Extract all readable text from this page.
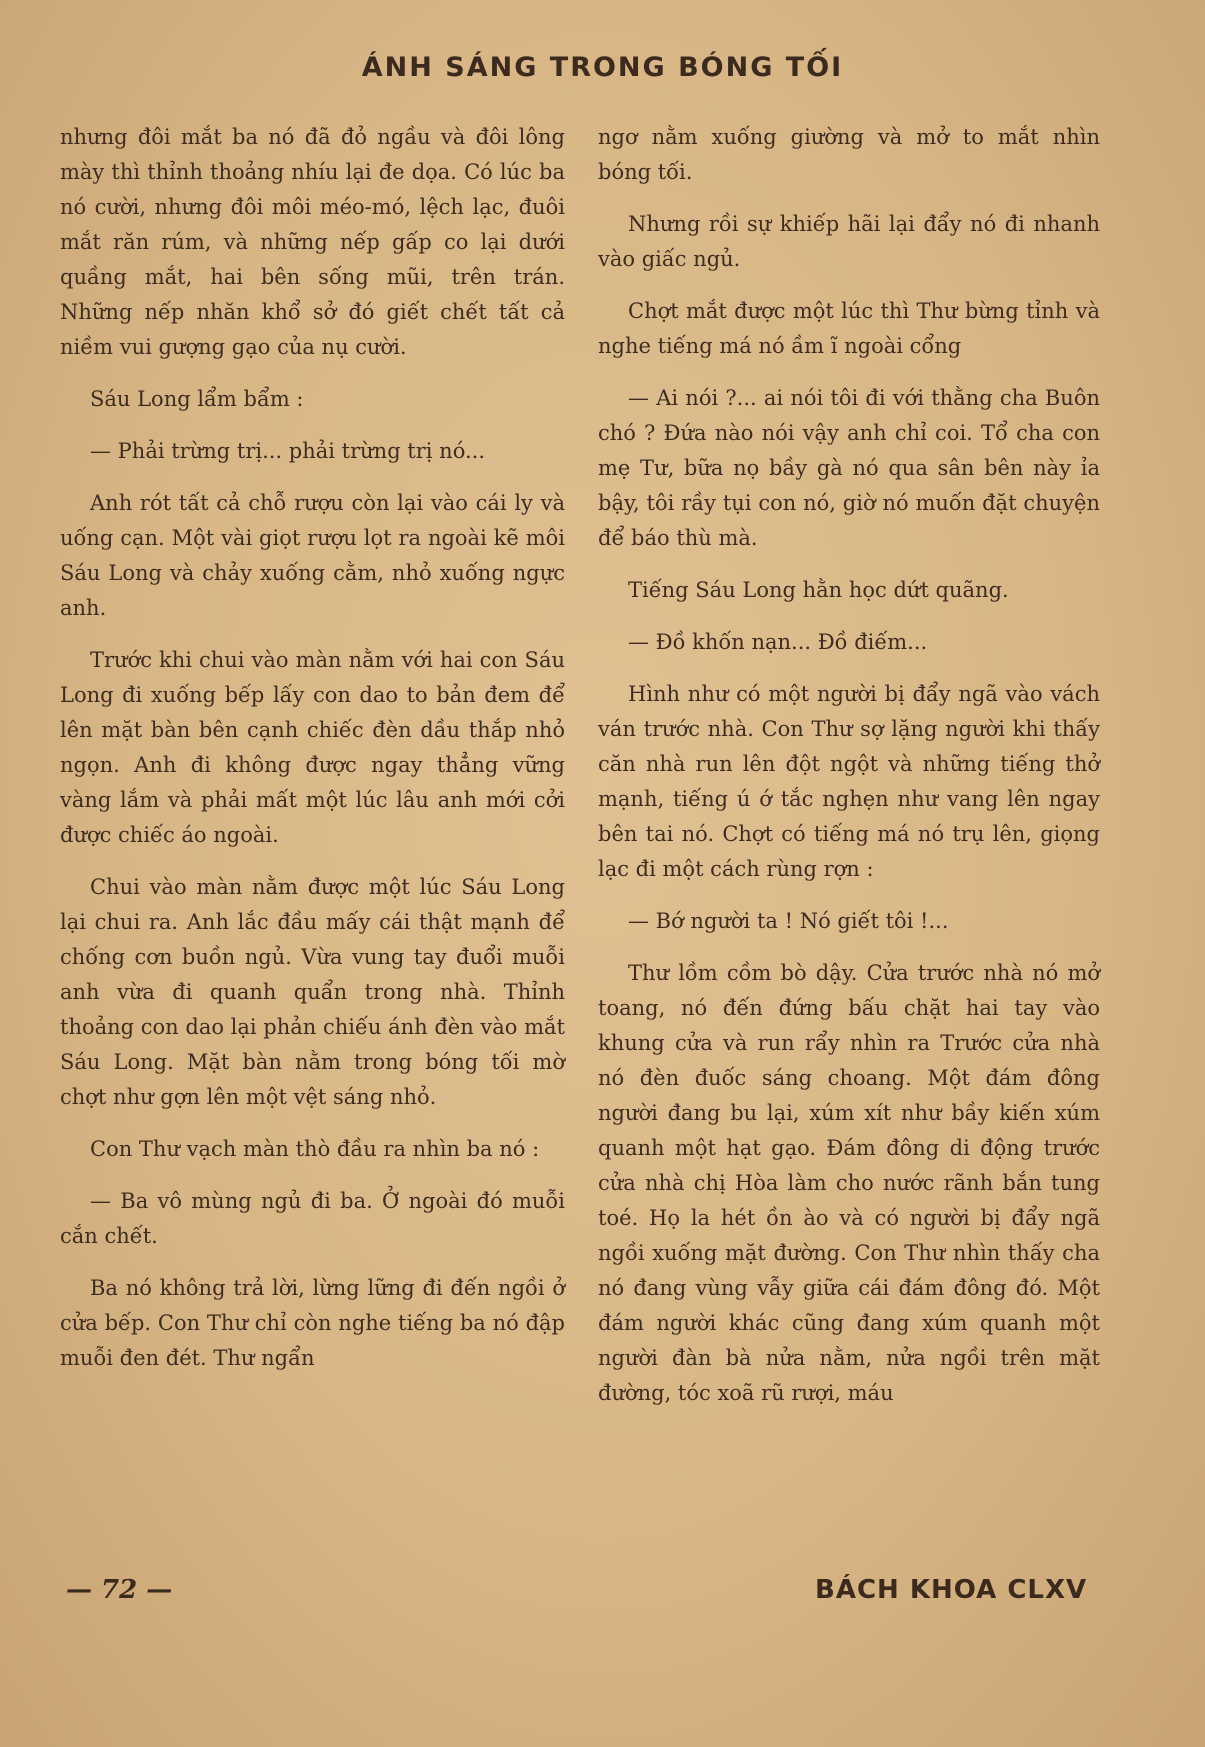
ÁNH SÁNG TRONG BÓNG TỐI

nhưng đôi mắt ba nó đã đỏ ngầu và đôi lông mày thì thỉnh thoảng nhíu lại đe dọa. Có lúc ba nó cười, nhưng đôi môi méo-mó, lệch lạc, đuôi mắt răn rúm, và những nếp gấp co lại dưới quầng mắt, hai bên sống mũi, trên trán. Những nếp nhăn khổ sở đó giết chết tất cả niềm vui gượng gạo của nụ cười.

Sáu Long lẩm bẩm :

— Phải trừng trị... phải trừng trị nó...

Anh rót tất cả chỗ rượu còn lại vào cái ly và uống cạn. Một vài giọt rượu lọt ra ngoài kẽ môi Sáu Long và chảy xuống cằm, nhỏ xuống ngực anh.

Trước khi chui vào màn nằm với hai con Sáu Long đi xuống bếp lấy con dao to bản đem để lên mặt bàn bên cạnh chiếc đèn dầu thắp nhỏ ngọn. Anh đi không được ngay thẳng vững vàng lắm và phải mất một lúc lâu anh mới cởi được chiếc áo ngoài.

Chui vào màn nằm được một lúc Sáu Long lại chui ra. Anh lắc đầu mấy cái thật mạnh để chống cơn buồn ngủ. Vừa vung tay đuổi muỗi anh vừa đi quanh quẩn trong nhà. Thỉnh thoảng con dao lại phản chiếu ánh đèn vào mắt Sáu Long. Mặt bàn nằm trong bóng tối mờ chợt như gợn lên một vệt sáng nhỏ.

Con Thư vạch màn thò đầu ra nhìn ba nó :

— Ba vô mùng ngủ đi ba. Ở ngoài đó muỗi cắn chết.

Ba nó không trả lời, lừng lững đi đến ngồi ở cửa bếp. Con Thư chỉ còn nghe tiếng ba nó đập muỗi đen đét. Thư ngẩn

ngơ nằm xuống giường và mở to mắt nhìn bóng tối.

Nhưng rồi sự khiếp hãi lại đẩy nó đi nhanh vào giấc ngủ.

Chợt mắt được một lúc thì Thư bừng tỉnh và nghe tiếng má nó ầm ĩ ngoài cổng

— Ai nói ?... ai nói tôi đi với thằng cha Buôn chó ? Đứa nào nói vậy anh chỉ coi. Tổ cha con mẹ Tư, bữa nọ bầy gà nó qua sân bên này ỉa bậy, tôi rầy tụi con nó, giờ nó muốn đặt chuyện để báo thù mà.

Tiếng Sáu Long hằn học dứt quãng.

— Đồ khốn nạn... Đồ điếm...

Hình như có một người bị đẩy ngã vào vách ván trước nhà. Con Thư sợ lặng người khi thấy căn nhà run lên đột ngột và những tiếng thở mạnh, tiếng ú ớ tắc nghẹn như vang lên ngay bên tai nó. Chợt có tiếng má nó trụ lên, giọng lạc đi một cách rùng rợn :

— Bớ người ta ! Nó giết tôi !...

Thư lồm cồm bò dậy. Cửa trước nhà nó mở toang, nó đến đứng bấu chặt hai tay vào khung cửa và run rẩy nhìn ra Trước cửa nhà nó đèn đuốc sáng choang. Một đám đông người đang bu lại, xúm xít như bầy kiến xúm quanh một hạt gạo. Đám đông di động trước cửa nhà chị Hòa làm cho nước rãnh bắn tung toé. Họ la hét ồn ào và có người bị đẩy ngã ngồi xuống mặt đường. Con Thư nhìn thấy cha nó đang vùng vẫy giữa cái đám đông đó. Một đám người khác cũng đang xúm quanh một người đàn bà nửa nằm, nửa ngồi trên mặt đường, tóc xoã rũ rượi, máu

— 72 —	BÁCH KHOA CLXV
